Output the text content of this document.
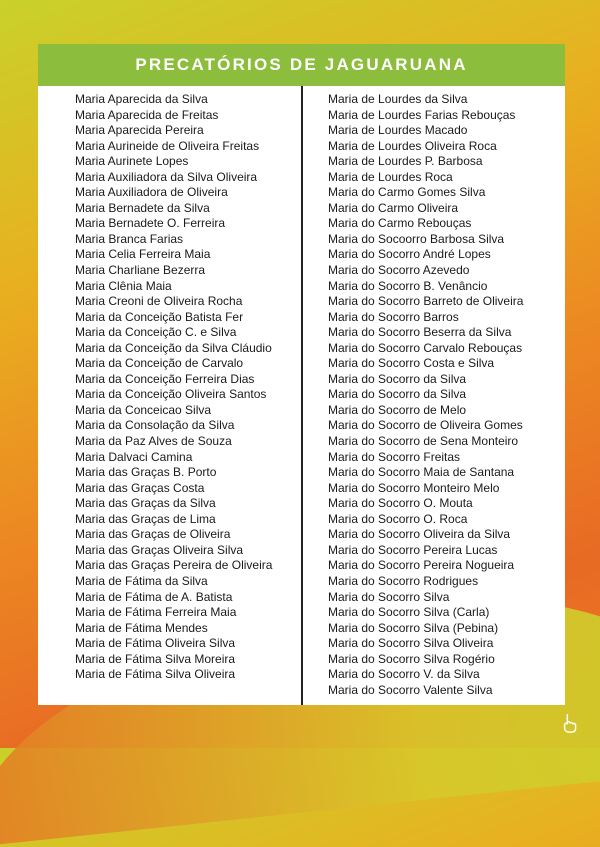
PRECATÓRIOS DE JAGUARUANA
Maria Aparecida da Silva
Maria Aparecida de Freitas
Maria Aparecida Pereira
Maria Aurineide de Oliveira Freitas
Maria Aurinete Lopes
Maria Auxiliadora da Silva Oliveira
Maria Auxiliadora de Oliveira
Maria Bernadete da Silva
Maria Bernadete O. Ferreira
Maria Branca Farias
Maria Celia Ferreira Maia
Maria Charliane Bezerra
Maria Clênia Maia
Maria Creoni de Oliveira Rocha
Maria da Conceição Batista Fer
Maria da Conceição C. e Silva
Maria da Conceição da Silva Cláudio
Maria da Conceição de Carvalo
Maria da Conceição Ferreira Dias
Maria da Conceição Oliveira Santos
Maria da Conceicao Silva
Maria da Consolação da Silva
Maria da Paz Alves de Souza
Maria Dalvaci Camina
Maria das Graças B. Porto
Maria das Graças Costa
Maria das Graças da Silva
Maria das Graças de Lima
Maria das Graças de Oliveira
Maria das Graças Oliveira Silva
Maria das Graças Pereira de Oliveira
Maria de Fátima da Silva
Maria de Fátima de A. Batista
Maria de Fátima Ferreira Maia
Maria de Fátima Mendes
Maria de Fátima Oliveira Silva
Maria de Fátima Silva Moreira
Maria de Fátima Silva Oliveira
Maria de Lourdes da Silva
Maria de Lourdes Farias Rebouças
Maria de Lourdes Macado
Maria de Lourdes Oliveira Roca
Maria de Lourdes P. Barbosa
Maria de Lourdes Roca
Maria do Carmo Gomes Silva
Maria do Carmo Oliveira
Maria do Carmo Rebouças
Maria do Socoorro Barbosa Silva
Maria do Socorro André Lopes
Maria do Socorro Azevedo
Maria do Socorro B. Venâncio
Maria do Socorro Barreto de Oliveira
Maria do Socorro Barros
Maria do Socorro Beserra da Silva
Maria do Socorro Carvalo Rebouças
Maria do Socorro Costa e Silva
Maria do Socorro da Silva
Maria do Socorro da Silva
Maria do Socorro de Melo
Maria do Socorro de Oliveira Gomes
Maria do Socorro de Sena Monteiro
Maria do Socorro Freitas
Maria do Socorro Maia de Santana
Maria do Socorro Monteiro Melo
Maria do Socorro O. Mouta
Maria do Socorro O. Roca
Maria do Socorro Oliveira da Silva
Maria do Socorro Pereira Lucas
Maria do Socorro Pereira Nogueira
Maria do Socorro Rodrigues
Maria do Socorro Silva
Maria do Socorro Silva (Carla)
Maria do Socorro Silva (Pebina)
Maria do Socorro Silva Oliveira
Maria do Socorro Silva Rogério
Maria do Socorro V. da Silva
Maria do Socorro Valente Silva
